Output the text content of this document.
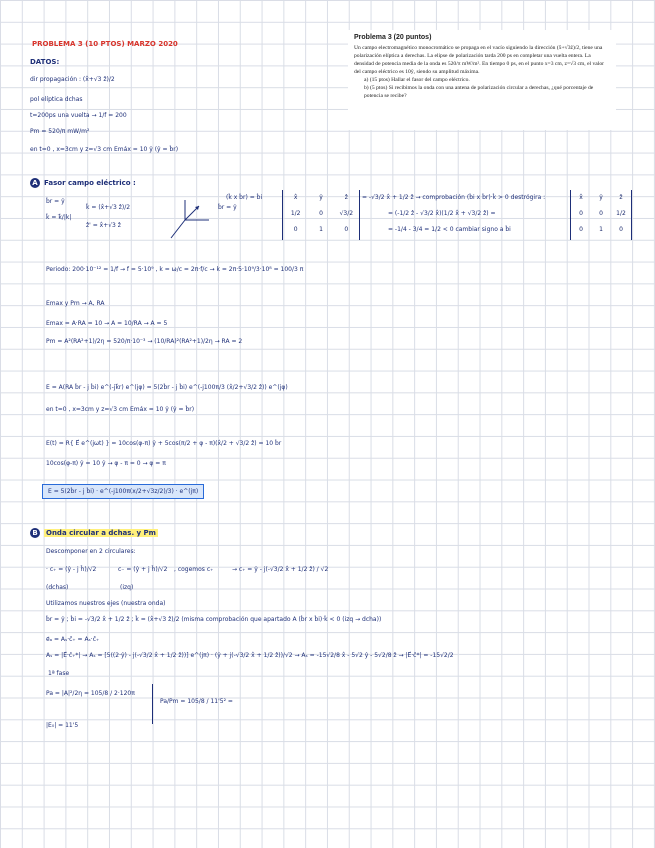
PROBLEMA 3 (10 PTOS) MARZO 2020
DATOS:
dir propagación : (x̂+√3 ẑ)/2
pol elíptica dchas
t=200ps una vuelta → 1/f = 200
Pm = 520/π mW/m²
en t=0 , x=3cm y z=√3 cm Emáx = 10 ŷ (ŷ = b̂r)
Problema 3 (20 puntos)
Un campo electromagnético monocromático se propaga en el vacío siguiendo la dirección (x̂+√3ẑ)/2, tiene una polarización elíptica a derechas. La elipse de polarización tarda 200 ps en completar una vuelta entera. La densidad de potencia media de la onda es 520/π mW/m². En tiempo 0 ps, en el punto x=3 cm, z=√3 cm, el valor del campo eléctrico es 10ŷ, siendo su amplitud máxima.
a) (15 ptos) Hallar el fasor del campo eléctrico.
b) (5 ptos) Si recibimos la onda con una antena de polarización circular a derechas, ¿qué porcentaje de potencia se recibe?
A Fasor campo eléctrico :
b̂r = ŷ
k̂ = k⃗/|k|
k̂ = (x̂+√3 ẑ)/2
ẑ' = x̂+√3 ẑ
b̂r = ŷ
(k̂ x b̂r) = b̂i	x̂	ŷ	ẑ
1/2	0	√3/2
0	1	0
= -√3/2 x̂ + 1/2 ẑ → comprobación (b̂i x b̂r)·k̂ > 0 destrógira :
= (-1/2 ẑ - √3/2 x̂)(1/2 x̂ + √3/2 ẑ) =
= -1/4 - 3/4 = 1/2 < 0 cambiar signo a b̂i
x̂	ŷ	ẑ
0	0	1/2
0	1	0
Periodo: 200·10⁻¹² = 1/f → f = 5·10⁹ , k = ω/c = 2π·f/c → k = 2π·5·10⁹/3·10⁸ = 100/3 π
Emax y Pm → A, RA
Emax = A·RA = 10 → A = 10/RA → A = 5
Pm = A²(RA²+1)/2η = 520/π·10⁻³ → (10/RA)²(RA²+1)/2η → RA = 2
E = A(RA b̂r - j b̂i) e^(-jk⃗r) e^(jφ) = 5(2b̂r - j b̂i) e^(-j100π/3 (x̂/2+√3/2 ẑ)) e^(jφ)
en t=0 , x=3cm y z=√3 cm Emáx = 10 ŷ (ŷ = b̂r)
E(t) = R{ E⃗ e^(jωt) } = 10cos(φ-π) ŷ + 5cos(π/2 + φ - π)(x̂/2 + √3/2 ẑ) = 10 b̂r
10cos(φ-π) ŷ = 10 ŷ → φ - π = 0 → φ = π
E = 5(2b̂r - j b̂i) · e^(-j100π(x/2+√3z/2)/3) · e^(jπ)
B Onda circular a dchas. y Pm
Descomponer en 2 circulares:
· c₊ = (ŷ - j ĥ)/√2
(dchas)
c₋ = (ŷ + j ĥ)/√2
(izq)
, cogemos c₊	→ c₊ = ŷ - j(-√3/2 x̂ + 1/2 ẑ) / √2
Utilizamos nuestros ejes (nuestra onda)
b̂r = ŷ ; b̂i = -√3/2 x̂ + 1/2 ẑ ; k̂ = (x̂+√3 ẑ)/2 (misma comprobación que apartado A (b̂r x b̂i)·k̂ < 0 (izq → dcha))
e⃗ₐ = Aₛ·ĉ₊ = Aₛ·ĉ₊
Aₛ = |E⃗·ĉ₊*| → Aₛ = [5((2·ŷ) - j(-√3/2 x̂ + 1/2 ẑ))] e^(jπ) · (ŷ + j(-√3/2 x̂ + 1/2 ẑ))/√2 → Aₛ = -15√2/8 x̂ - 5√2 ŷ - 5√2/8 ẑ → |E⃗·ĉ*| = -15√2/2
1ª fase
Pa = |A|²/2η = 105/8 / 2·120π
|E₀| = 11'5
Pa/Pm = 105/8 / 11'5² =
